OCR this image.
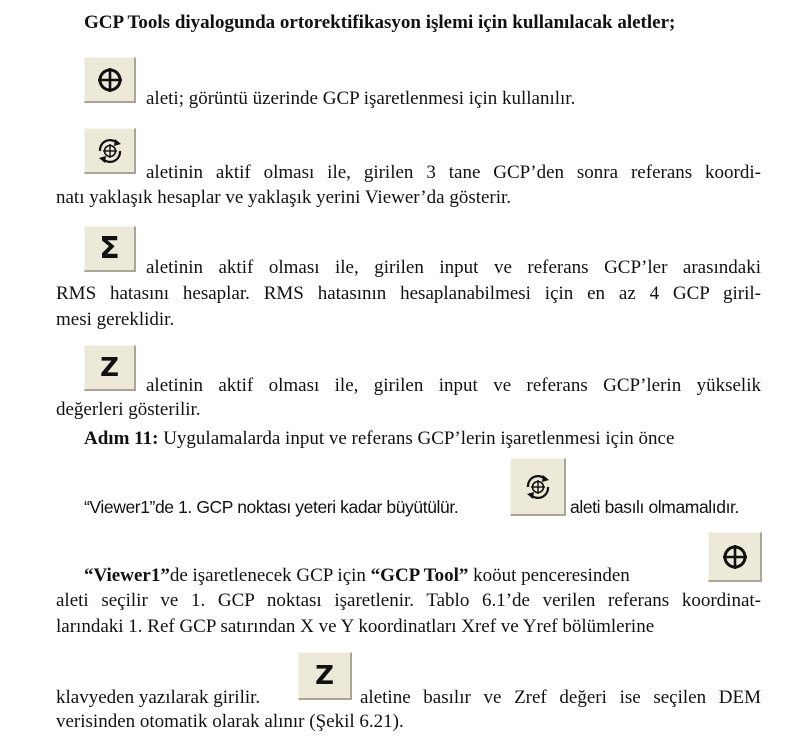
GCP Tools diyalogunda ortorektifikasyon işlemi için kullanılacak aletler;
aleti; görüntü üzerinde GCP işaretlenmesi için kullanılır.
aletinin aktif olması ile, girilen 3 tane GCP’den sonra referans koordi-
natı yaklaşık hesaplar ve yaklaşık yerini Viewer’da gösterir.
Σ
aletinin aktif olması ile, girilen input ve referans GCP’ler arasındaki
RMS hatasını hesaplar. RMS hatasının hesaplanabilmesi için en az 4 GCP giril-
mesi gereklidir.
Z
aletinin aktif olması ile, girilen input ve referans GCP’lerin yükselik
değerleri gösterilir.
Adım 11: Uygulamalarda input ve referans GCP’lerin işaretlenmesi için önce
“Viewer1”de 1. GCP noktası yeteri kadar büyütülür.	aleti basılı olmamalıdır.
“Viewer1”de işaretlenecek GCP için “GCP Tool” koöut penceresinden
aleti seçilir ve 1. GCP noktası işaretlenir. Tablo 6.1’de verilen referans koordinat-
larındaki 1. Ref GCP satırından X ve Y koordinatları Xref ve Yref bölümlerine
klavyeden yazılarak girilir.
Z
aletine basılır ve Zref değeri ise seçilen DEM
verisinden otomatik olarak alınır (Şekil 6.21).
